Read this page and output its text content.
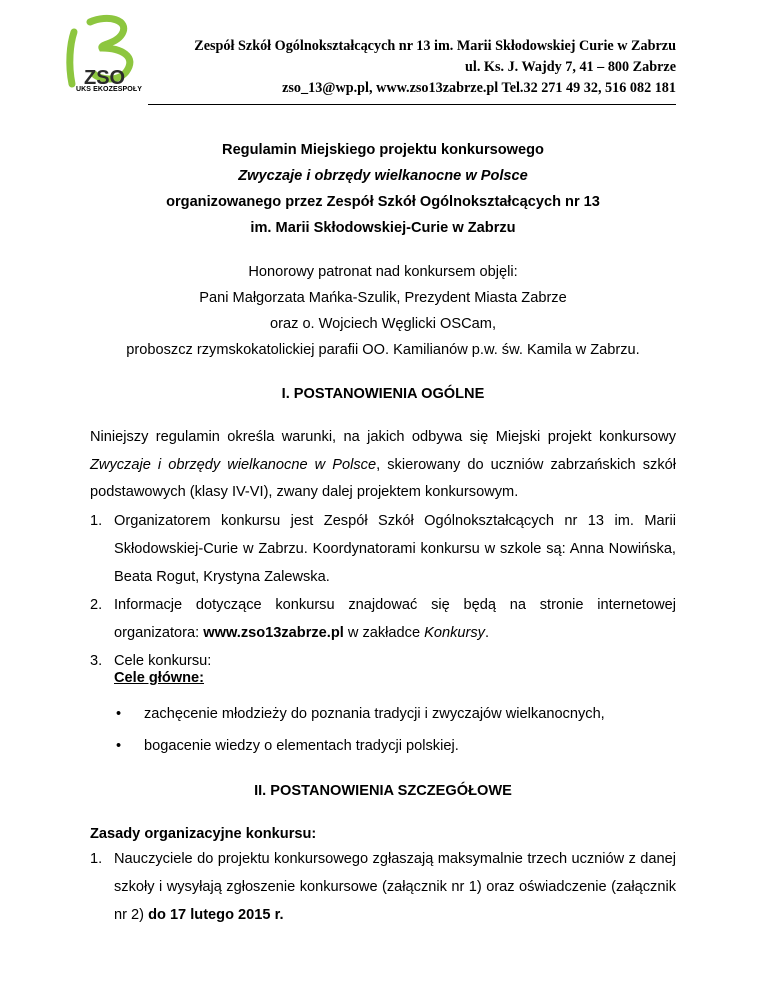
ZSO
UKS EKOZESPOŁY
Zespół Szkół Ogólnokształcących nr 13 im. Marii Skłodowskiej Curie w Zabrzu
ul. Ks. J. Wajdy 7, 41 – 800 Zabrze
zso_13@wp.pl, www.zso13zabrze.pl Tel.32 271 49 32, 516 082 181
Regulamin Miejskiego projektu konkursowego
Zwyczaje i obrzędy wielkanocne w Polsce
organizowanego przez Zespół Szkół Ogólnokształcących nr 13
im. Marii Skłodowskiej-Curie w Zabrzu
Honorowy patronat nad konkursem objęli:
Pani Małgorzata Mańka-Szulik, Prezydent Miasta Zabrze
oraz o. Wojciech Węglicki OSCam,
proboszcz rzymskokatolickiej parafii OO. Kamilianów p.w. św. Kamila w Zabrzu.
I. POSTANOWIENIA OGÓLNE
Niniejszy regulamin określa warunki, na jakich odbywa się Miejski projekt konkursowy Zwyczaje i obrzędy wielkanocne w Polsce, skierowany do uczniów zabrzańskich szkół podstawowych (klasy IV-VI), zwany dalej projektem konkursowym.
1. Organizatorem konkursu jest Zespół Szkół Ogólnokształcących nr 13 im. Marii Skłodowskiej-Curie w Zabrzu. Koordynatorami konkursu w szkole są: Anna Nowińska, Beata Rogut, Krystyna Zalewska.
2. Informacje dotyczące konkursu znajdować się będą na stronie internetowej organizatora: www.zso13zabrze.pl w zakładce Konkursy.
3. Cele konkursu:
Cele główne:
• zachęcenie młodzieży do poznania tradycji i zwyczajów wielkanocnych,
• bogacenie wiedzy o elementach tradycji polskiej.
II. POSTANOWIENIA SZCZEGÓŁOWE
Zasady organizacyjne konkursu:
1. Nauczyciele do projektu konkursowego zgłaszają maksymalnie trzech uczniów z danej szkoły i wysyłają zgłoszenie konkursowe (załącznik nr 1) oraz oświadczenie (załącznik nr 2) do 17 lutego 2015 r.
